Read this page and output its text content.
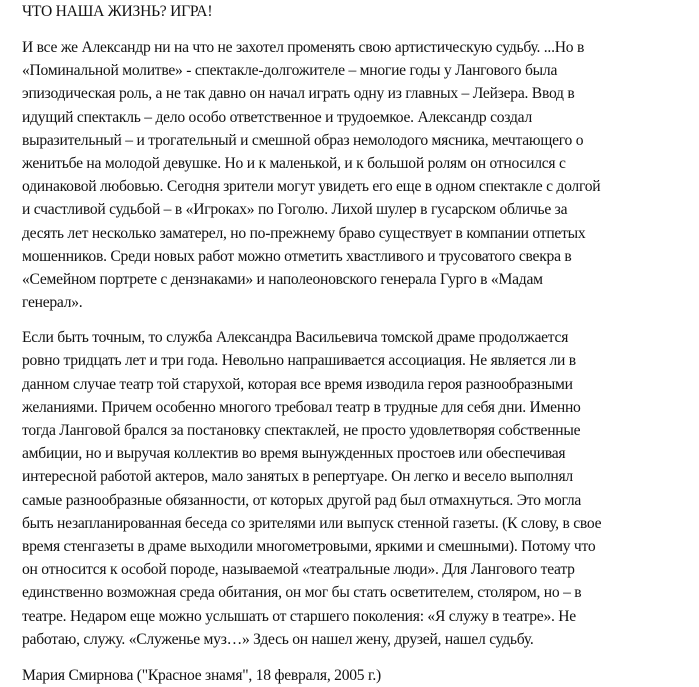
ЧТО НАША ЖИЗНЬ? ИГРА!
И все же Александр ни на что не захотел променять свою артистическую судьбу. ...Но в
«Поминальной молитве» - спектакле-долгожителе – многие годы у Лангового была
эпизодическая роль, а не так давно он начал играть одну из главных – Лейзера. Ввод в
идущий спектакль – дело особо ответственное и трудоемкое. Александр создал
выразительный – и трогательный и смешной образ немолодого мясника, мечтающего о
женитьбе на молодой девушке. Но и к маленькой, и к большой ролям он относился с
одинаковой любовью. Сегодня зрители могут увидеть его еще в одном спектакле с долгой
и счастливой судьбой – в «Игроках» по Гоголю. Лихой шулер в гусарском обличье за
десять лет несколько заматерел, но по-прежнему браво существует в компании отпетых
мошенников. Среди новых работ можно отметить хвастливого и трусоватого свекра в
«Семейном портрете с дензнаками» и наполеоновского генерала Гурго в «Мадам
генерал».
Если быть точным, то служба Александра Васильевича томской драме продолжается
ровно тридцать лет и три года. Невольно напрашивается ассоциация. Не является ли в
данном случае театр той старухой, которая все время изводила героя разнообразными
желаниями. Причем особенно многого требовал театр в трудные для себя дни. Именно
тогда Ланговой брался за постановку спектаклей, не просто удовлетворяя собственные
амбиции, но и выручая коллектив во время вынужденных простоев или обеспечивая
интересной работой актеров, мало занятых в репертуаре. Он легко и весело выполнял
самые разнообразные обязанности, от которых другой рад был отмахнуться. Это могла
быть незапланированная беседа со зрителями или выпуск стенной газеты. (К слову, в свое
время стенгазеты в драме выходили многометровыми, яркими и смешными). Потому что
он относится к особой породе, называемой «театральные люди». Для Лангового театр
единственно возможная среда обитания, он мог бы стать осветителем, столяром, но – в
театре. Недаром еще можно услышать от старшего поколения: «Я служу в театре». Не
работаю, служу. «Служенье муз…» Здесь он нашел жену, друзей, нашел судьбу.

Мария Смирнова ("Красное знамя", 18 февраля, 2005 г.)
